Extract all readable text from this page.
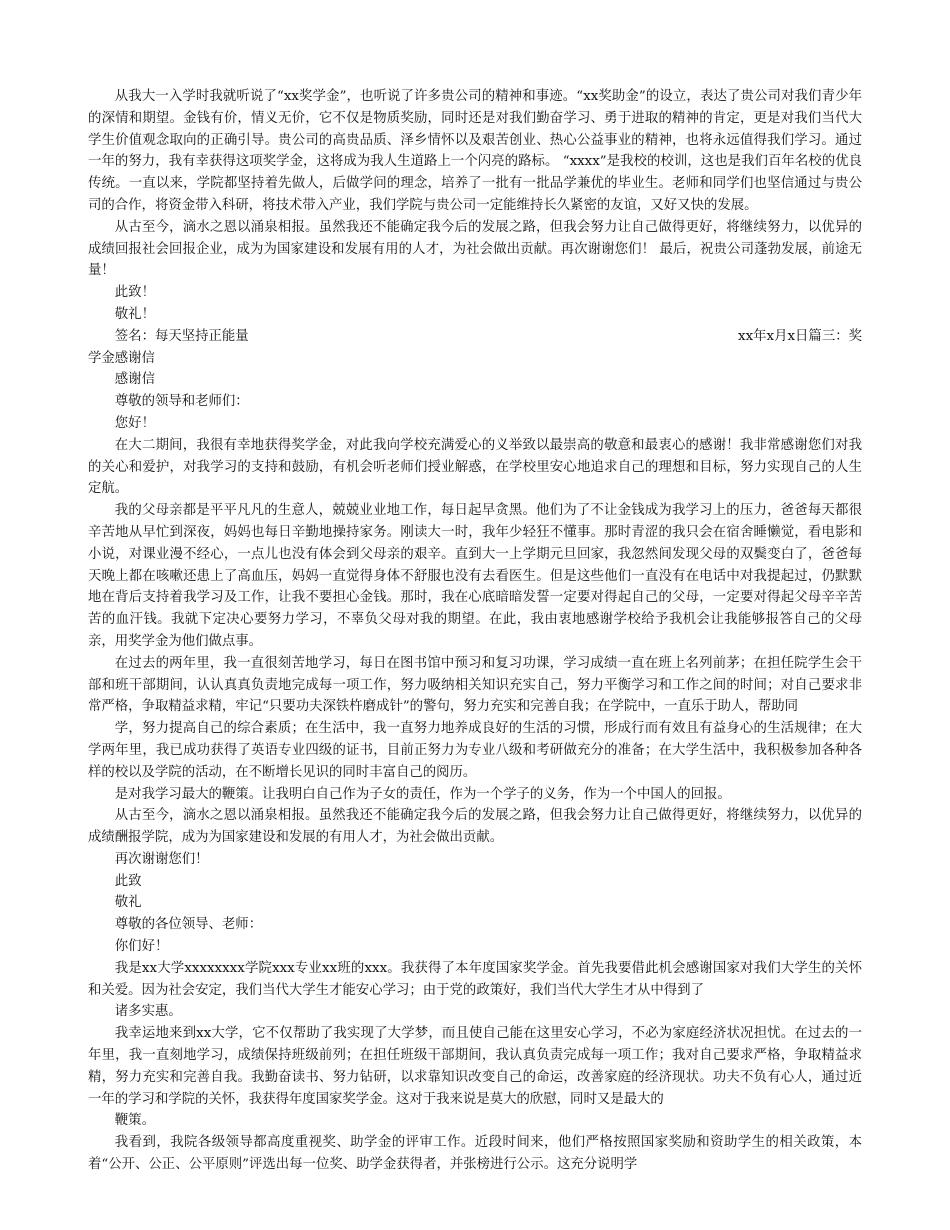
从我大一入学时我就听说了“xx奖学金”，也听说了许多贵公司的精神和事迹。“xx奖助金”的设立，表达了贵公司对我们青少年的深情和期望。金钱有价，情义无价，它不仅是物质奖励，同时还是对我们勤奋学习、勇于进取的精神的肯定，更是对我们当代大学生价值观念取向的正确引导。贵公司的高贵品质、泽乡情怀以及艰苦创业、热心公益事业的精神，也将永远值得我们学习。通过一年的努力，我有幸获得这项奖学金，这将成为我人生道路上一个闪亮的路标。 “xxxx”是我校的校训，这也是我们百年名校的优良传统。一直以来，学院都坚持着先做人，后做学问的理念，培养了一批有一批品学兼优的毕业生。老师和同学们也坚信通过与贵公司的合作，将资金带入科研，将技术带入产业，我们学院与贵公司一定能维持长久紧密的友谊，又好又快的发展。

从古至今，滴水之恩以涌泉相报。虽然我还不能确定我今后的发展之路，但我会努力让自己做得更好，将继续努力，以优异的成绩回报社会回报企业，成为为国家建设和发展有用的人才，为社会做出贡献。再次谢谢您们！ 最后，祝贵公司蓬勃发展，前途无量！

此致！

敬礼！

签名：每天坚持正能量	xx年x月x日篇三：奖

学金感谢信

感谢信

尊敬的领导和老师们：

您好！

在大二期间，我很有幸地获得奖学金，对此我向学校充满爱心的义举致以最崇高的敬意和最衷心的感谢！我非常感谢您们对我的关心和爱护，对我学习的支持和鼓励，有机会听老师们授业解惑，在学校里安心地追求自己的理想和目标，努力实现自己的人生定航。

我的父母亲都是平平凡凡的生意人，兢兢业业地工作，每日起早贪黑。他们为了不让金钱成为我学习上的压力，爸爸每天都很辛苦地从早忙到深夜，妈妈也每日辛勤地操持家务。刚读大一时，我年少轻狂不懂事。那时青涩的我只会在宿舍睡懒觉，看电影和小说，对课业漫不经心，一点儿也没有体会到父母亲的艰辛。直到大一上学期元旦回家，我忽然间发现父母的双鬓变白了，爸爸每天晚上都在咳嗽还患上了高血压，妈妈一直觉得身体不舒服也没有去看医生。但是这些他们一直没有在电话中对我提起过，仍默默地在背后支持着我学习及工作，让我不要担心金钱。那时，我在心底暗暗发誓一定要对得起自己的父母，一定要对得起父母辛辛苦苦的血汗钱。我就下定决心要努力学习，不辜负父母对我的期望。在此，我由衷地感谢学校给予我机会让我能够报答自己的父母亲，用奖学金为他们做点事。

在过去的两年里，我一直很刻苦地学习，每日在图书馆中预习和复习功课，学习成绩一直在班上名列前茅；在担任院学生会干部和班干部期间，认认真真负责地完成每一项工作，努力吸纳相关知识充实自己，努力平衡学习和工作之间的时间；对自己要求非常严格，争取精益求精，牢记“只要功夫深铁杵磨成针”的警句，努力充实和完善自我；在学院中，一直乐于助人，帮助同

学，努力提高自己的综合素质；在生活中，我一直努力地养成良好的生活的习惯，形成行而有效且有益身心的生活规律；在大学两年里，我已成功获得了英语专业四级的证书，目前正努力为专业八级和考研做充分的准备；在大学生活中，我积极参加各种各样的校以及学院的活动，在不断增长见识的同时丰富自己的阅历。

是对我学习最大的鞭策。让我明白自己作为子女的责任，作为一个学子的义务，作为一个中国人的回报。

从古至今，滴水之恩以涌泉相报。虽然我还不能确定我今后的发展之路，但我会努力让自己做得更好，将继续努力，以优异的成绩酬报学院，成为为国家建设和发展的有用人才，为社会做出贡献。

再次谢谢您们！

此致

敬礼

尊敬的各位领导、老师：

你们好！

我是xx大学xxxxxxxx学院xxx专业xx班的xxx。我获得了本年度国家奖学金。首先我要借此机会感谢国家对我们大学生的关怀和关爱。因为社会安定，我们当代大学生才能安心学习；由于党的政策好，我们当代大学生才从中得到了

诸多实惠。

我幸运地来到xx大学，它不仅帮助了我实现了大学梦，而且使自己能在这里安心学习，不必为家庭经济状况担忧。在过去的一年里，我一直刻地学习，成绩保持班级前列；在担任班级干部期间，我认真负责完成每一项工作；我对自己要求严格，争取精益求精，努力充实和完善自我。我勤奋读书、努力钻研，以求靠知识改变自己的命运，改善家庭的经济现状。功夫不负有心人，通过近一年的学习和学院的关怀，我获得年度国家奖学金。这对于我来说是莫大的欣慰，同时又是最大的

鞭策。

我看到，我院各级领导都高度重视奖、助学金的评审工作。近段时间来，他们严格按照国家奖励和资助学生的相关政策，本着“公开、公正、公平原则”评选出每一位奖、助学金获得者，并张榜进行公示。这充分说明学
